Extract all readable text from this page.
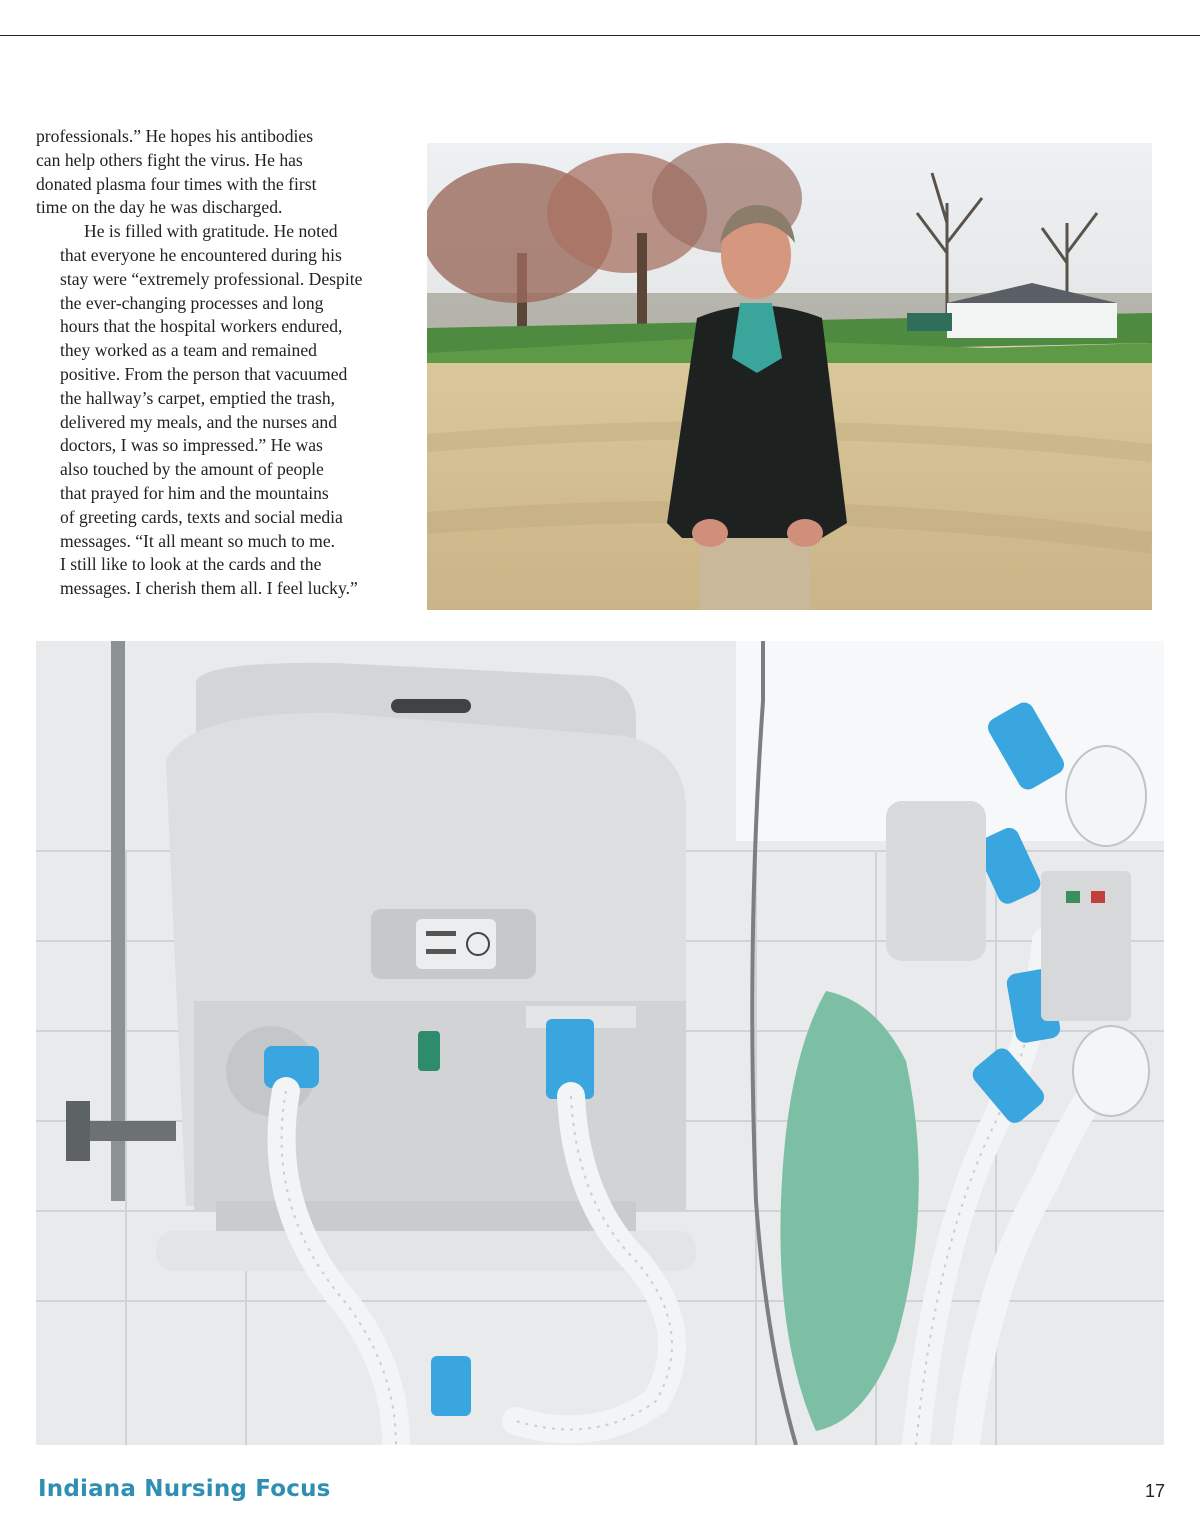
professionals.” He hopes his antibodies
can help others fight the virus. He has
donated plasma four times with the first
time on the day he was discharged.

He is filled with gratitude. He noted
that everyone he encountered during his
stay were “extremely professional. Despite
the ever-changing processes and long
hours that the hospital workers endured,
they worked as a team and remained
positive. From the person that vacuumed
the hallway’s carpet, emptied the trash,
delivered my meals, and the nurses and
doctors, I was so impressed.” He was
also touched by the amount of people
that prayed for him and the mountains
of greeting cards, texts and social media
messages. “It all meant so much to me.
I still like to look at the cards and the
messages. I cherish them all. I feel lucky.”

Indiana Nursing Focus	17
